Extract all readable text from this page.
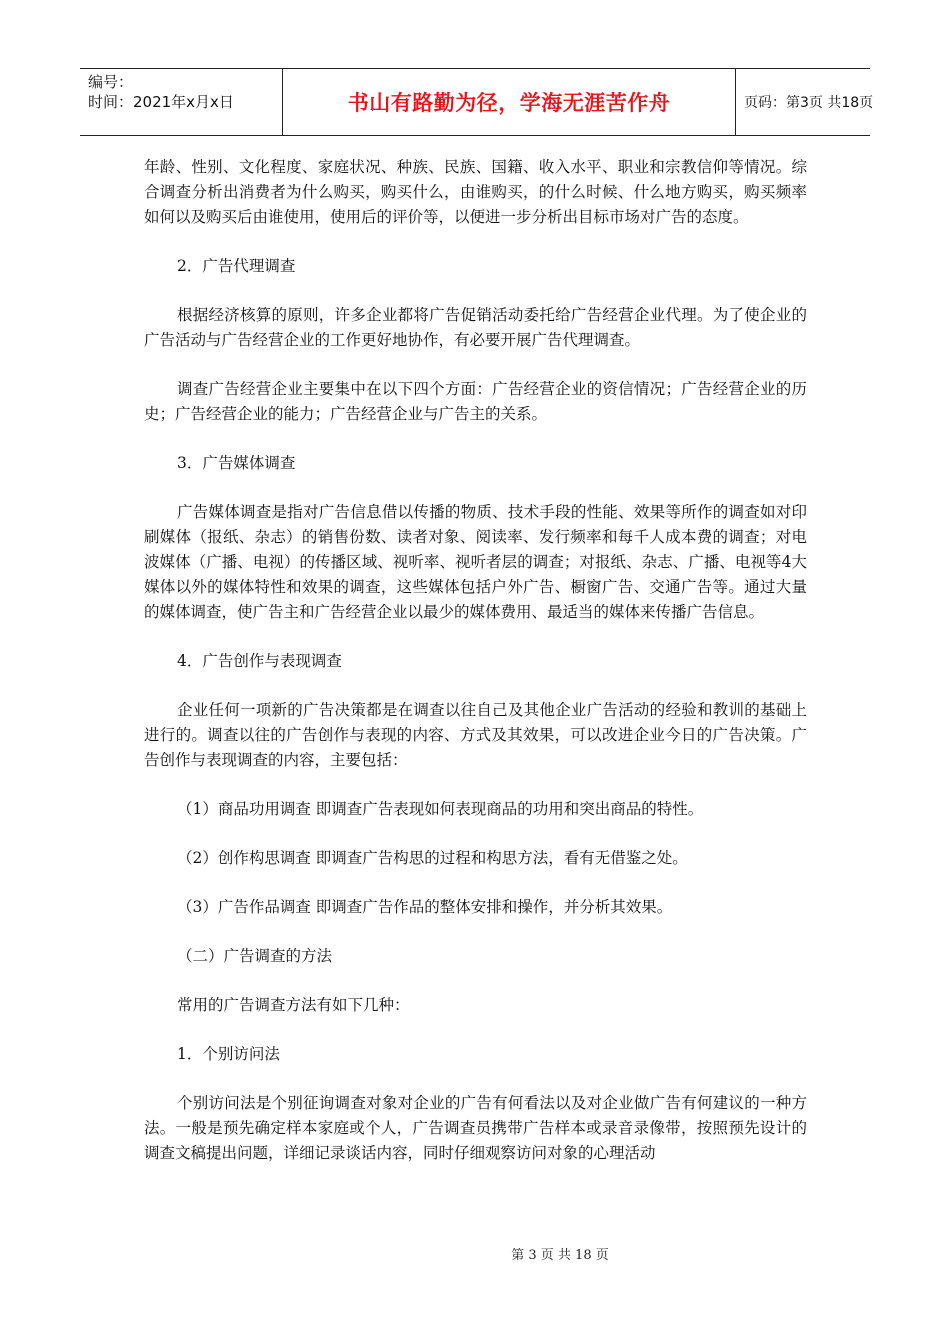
编号：
时间：2021年x月x日	书山有路勤为径，学海无涯苦作舟	页码：第3页 共18页

年龄、性别、文化程度、家庭状况、种族、民族、国籍、收入水平、职业和宗教信仰等情况。综合调查分析出消费者为什么购买，购买什么，由谁购买，的什么时候、什么地方购买，购买频率如何以及购买后由谁使用，使用后的评价等，以便进一步分析出目标市场对广告的态度。

2．广告代理调查

根据经济核算的原则，许多企业都将广告促销活动委托给广告经营企业代理。为了使企业的广告活动与广告经营企业的工作更好地协作，有必要开展广告代理调查。

调查广告经营企业主要集中在以下四个方面：广告经营企业的资信情况；广告经营企业的历史；广告经营企业的能力；广告经营企业与广告主的关系。

3．广告媒体调查

广告媒体调查是指对广告信息借以传播的物质、技术手段的性能、效果等所作的调查如对印刷媒体（报纸、杂志）的销售份数、读者对象、阅读率、发行频率和每千人成本费的调查；对电波媒体（广播、电视）的传播区域、视听率、视听者层的调查；对报纸、杂志、广播、电视等4大媒体以外的媒体特性和效果的调查，这些媒体包括户外广告、橱窗广告、交通广告等。通过大量的媒体调查，使广告主和广告经营企业以最少的媒体费用、最适当的媒体来传播广告信息。

4．广告创作与表现调查

企业任何一项新的广告决策都是在调查以往自己及其他企业广告活动的经验和教训的基础上进行的。调查以往的广告创作与表现的内容、方式及其效果，可以改进企业今日的广告决策。广告创作与表现调查的内容，主要包括：

（1）商品功用调查 即调查广告表现如何表现商品的功用和突出商品的特性。

（2）创作构思调查 即调查广告构思的过程和构思方法，看有无借鉴之处。

（3）广告作品调查 即调查广告作品的整体安排和操作，并分析其效果。

（二）广告调查的方法

常用的广告调查方法有如下几种：

1．个别访问法

个别访问法是个别征询调查对象对企业的广告有何看法以及对企业做广告有何建议的一种方法。一般是预先确定样本家庭或个人，广告调查员携带广告样本或录音录像带，按照预先设计的调查文稿提出问题，详细记录谈话内容，同时仔细观察访问对象的心理活动

第 3 页 共 18 页
